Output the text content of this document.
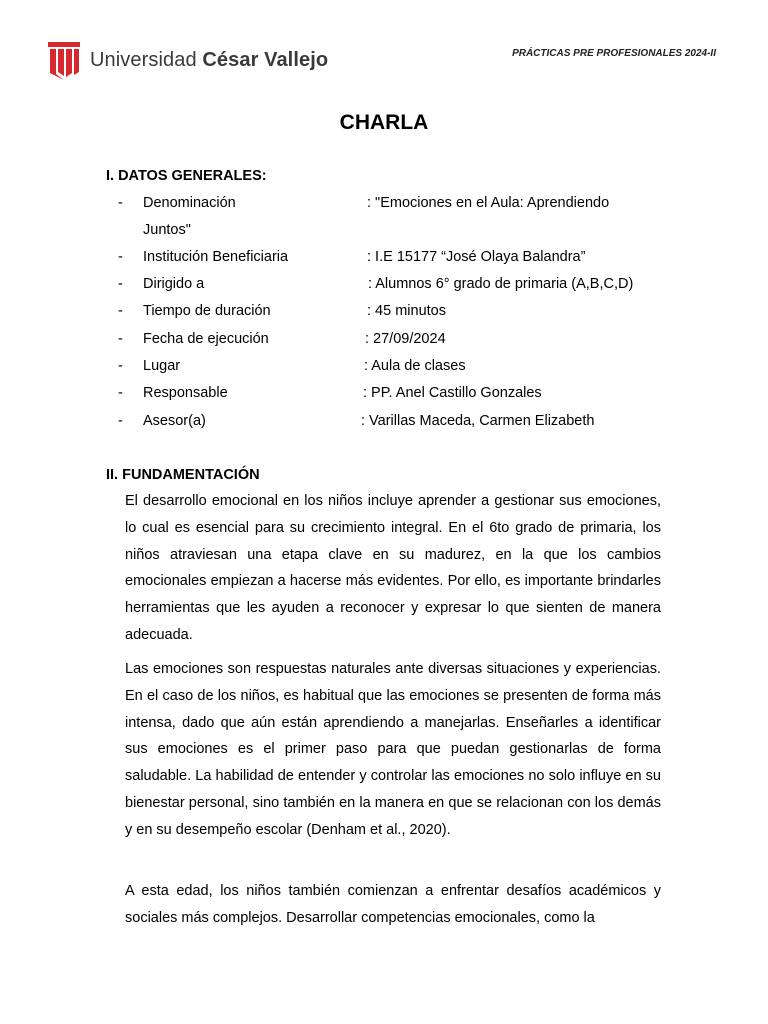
Universidad César Vallejo	PRÁCTICAS PRE PROFESIONALES 2024-II
CHARLA
I. DATOS GENERALES:
- Denominación	: "Emociones en el Aula: Aprendiendo
Juntos"
- Institución Beneficiaria	: I.E 15177 “José Olaya Balandra”
- Dirigido a	: Alumnos 6° grado de primaria (A,B,C,D)
- Tiempo de duración	: 45 minutos
- Fecha de ejecución	: 27/09/2024
- Lugar	: Aula de clases
- Responsable	: PP. Anel Castillo Gonzales
- Asesor(a)	: Varillas Maceda, Carmen Elizabeth
II. FUNDAMENTACIÓN
El desarrollo emocional en los niños incluye aprender a gestionar sus emociones, lo cual es esencial para su crecimiento integral. En el 6to grado de primaria, los niños atraviesan una etapa clave en su madurez, en la que los cambios emocionales empiezan a hacerse más evidentes. Por ello, es importante brindarles herramientas que les ayuden a reconocer y expresar lo que sienten de manera adecuada.
Las emociones son respuestas naturales ante diversas situaciones y experiencias. En el caso de los niños, es habitual que las emociones se presenten de forma más intensa, dado que aún están aprendiendo a manejarlas. Enseñarles a identificar sus emociones es el primer paso para que puedan gestionarlas de forma saludable. La habilidad de entender y controlar las emociones no solo influye en su bienestar personal, sino también en la manera en que se relacionan con los demás y en su desempeño escolar (Denham et al., 2020).
A esta edad, los niños también comienzan a enfrentar desafíos académicos y sociales más complejos. Desarrollar competencias emocionales, como la
